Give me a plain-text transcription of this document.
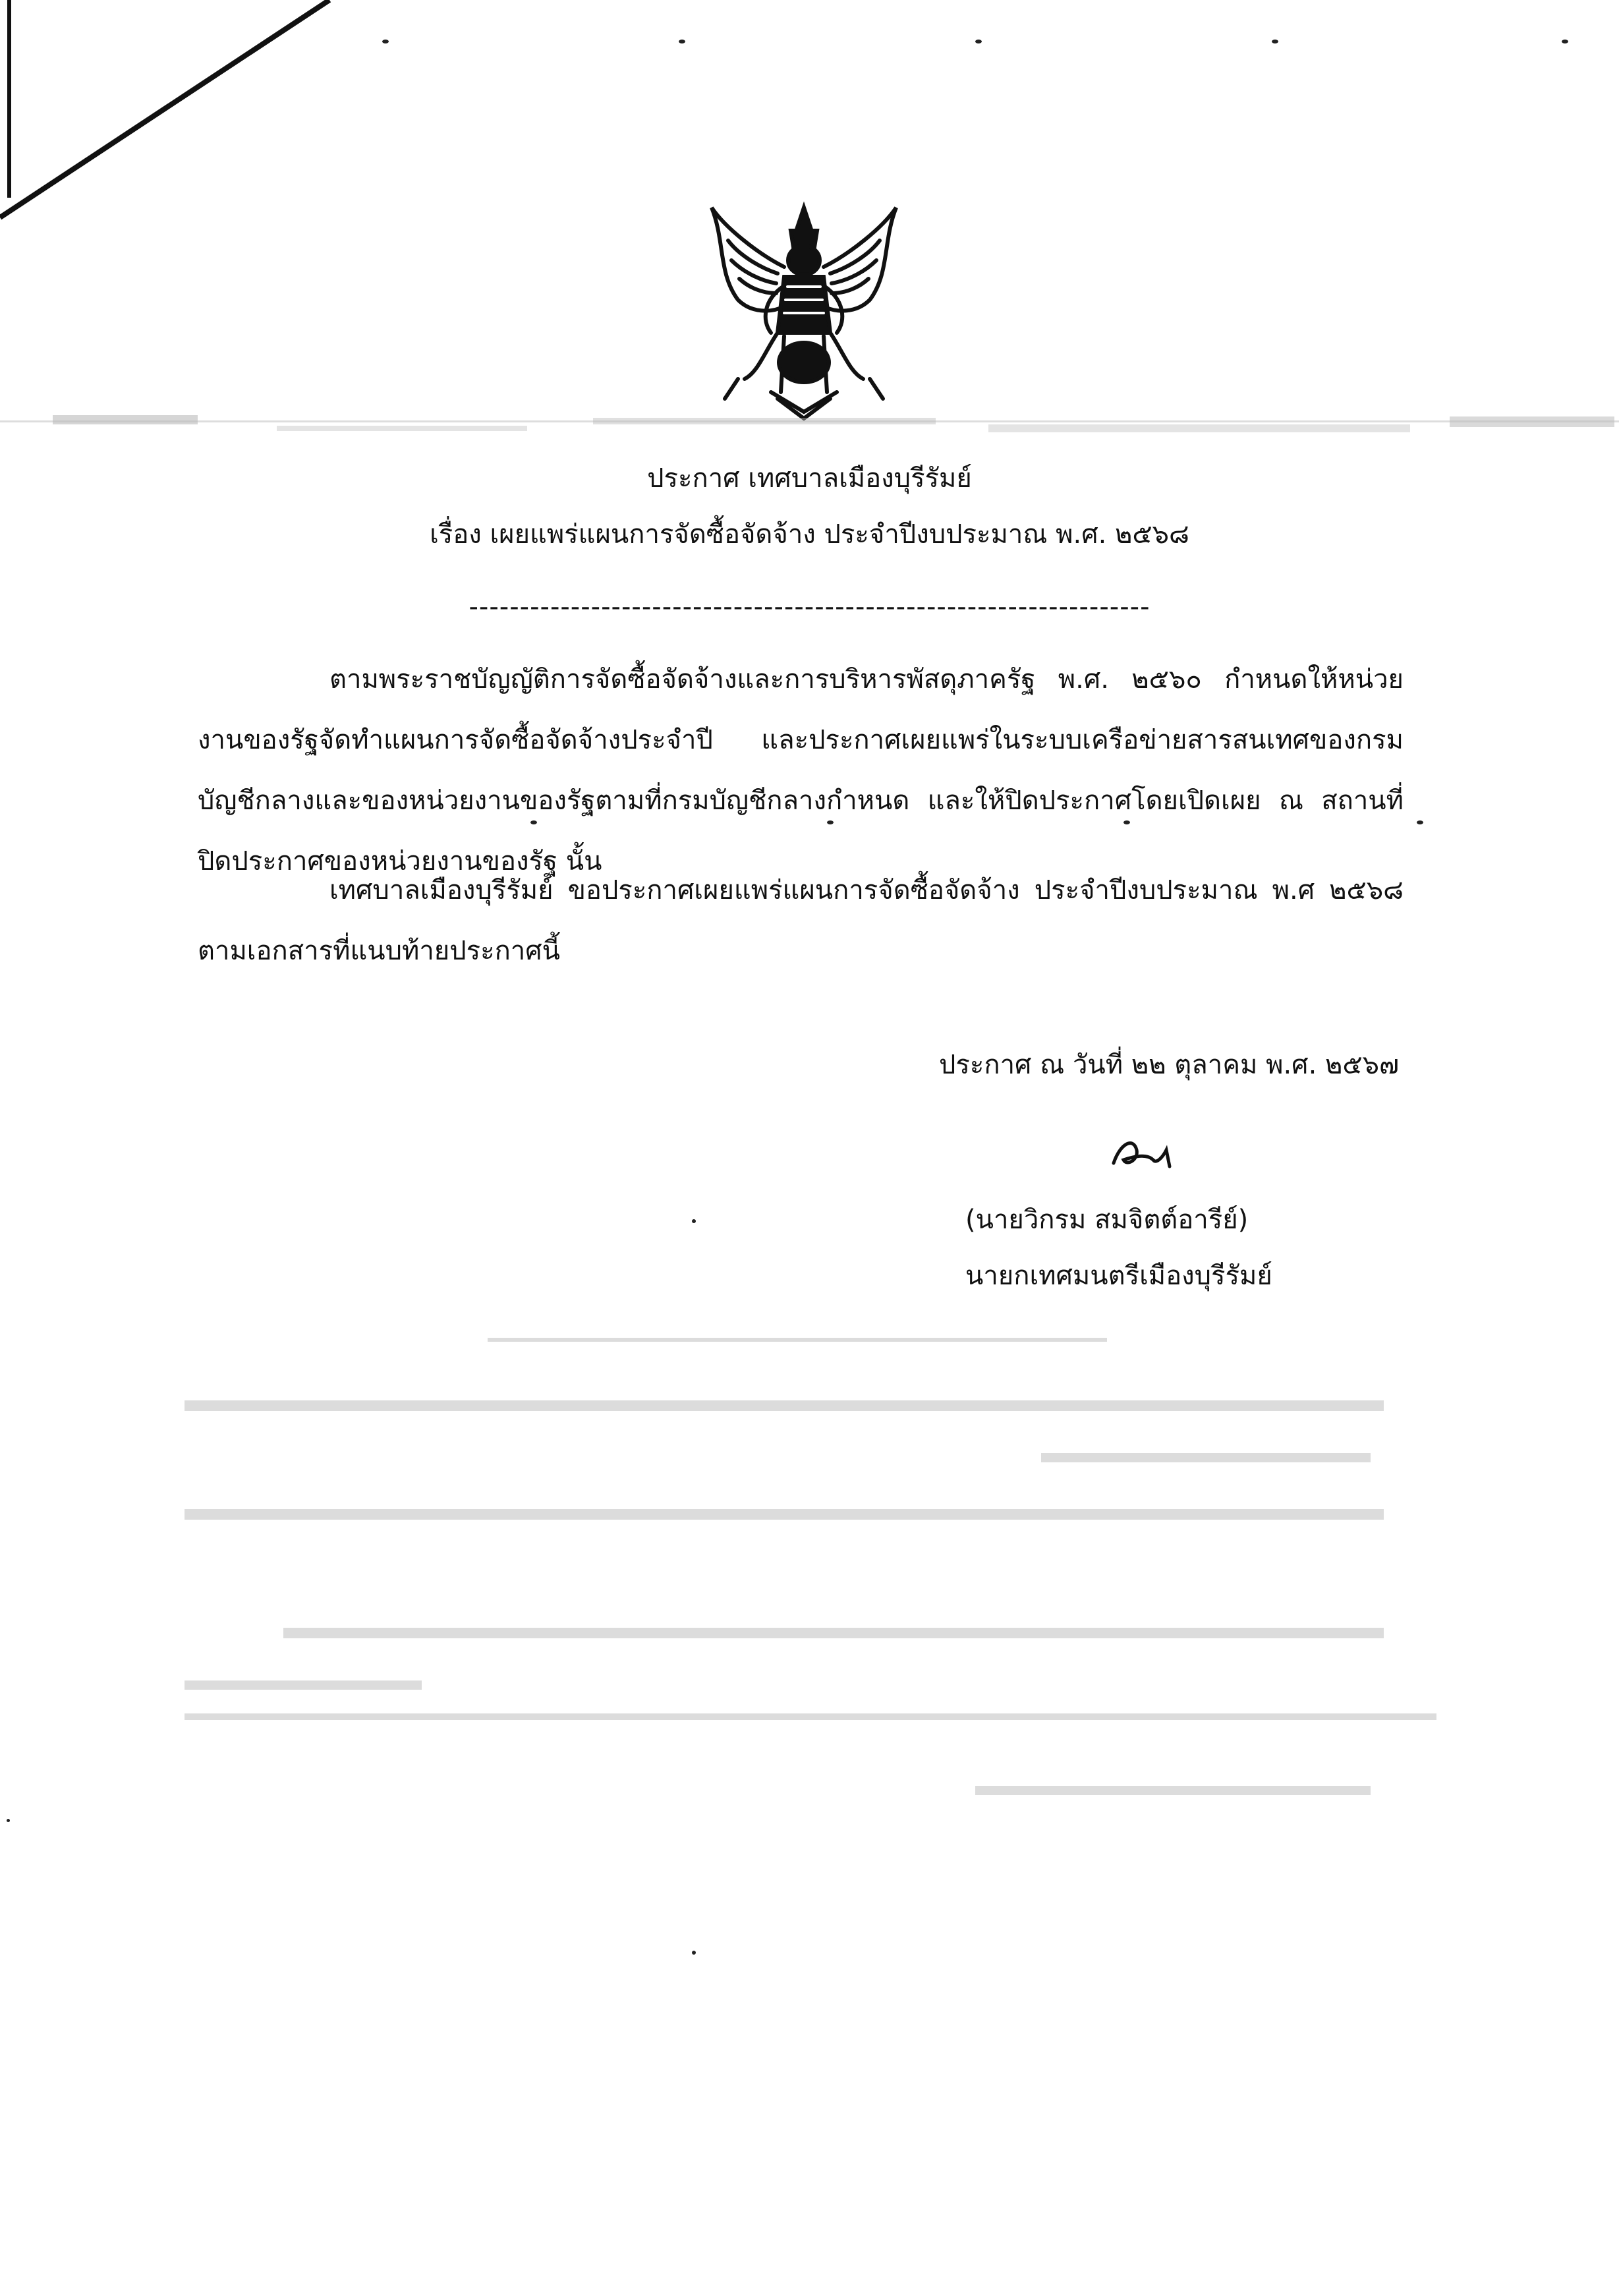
ประกาศ เทศบาลเมืองบุรีรัมย์
เรื่อง เผยแพร่แผนการจัดซื้อจัดจ้าง ประจำปีงบประมาณ พ.ศ. ๒๕๖๘
-------------------------------------------------------------------
ตามพระราชบัญญัติการจัดซื้อจัดจ้างและการบริหารพัสดุภาครัฐ พ.ศ. ๒๕๖๐ กำหนดให้หน่วยงานของรัฐจัดทำแผนการจัดซื้อจัดจ้างประจำปี และประกาศเผยแพร่ในระบบเครือข่ายสารสนเทศของกรมบัญชีกลางและของหน่วยงานของรัฐตามที่กรมบัญชีกลางกำหนด และให้ปิดประกาศโดยเปิดเผย ณ สถานที่ปิดประกาศของหน่วยงานของรัฐ นั้น
เทศบาลเมืองบุรีรัมย์ ขอประกาศเผยแพร่แผนการจัดซื้อจัดจ้าง ประจำปีงบประมาณ พ.ศ ๒๕๖๘ ตามเอกสารที่แนบท้ายประกาศนี้
ประกาศ ณ วันที่ ๒๒ ตุลาคม พ.ศ. ๒๕๖๗
(นายวิกรม สมจิตต์อารีย์)
นายกเทศมนตรีเมืองบุรีรัมย์
